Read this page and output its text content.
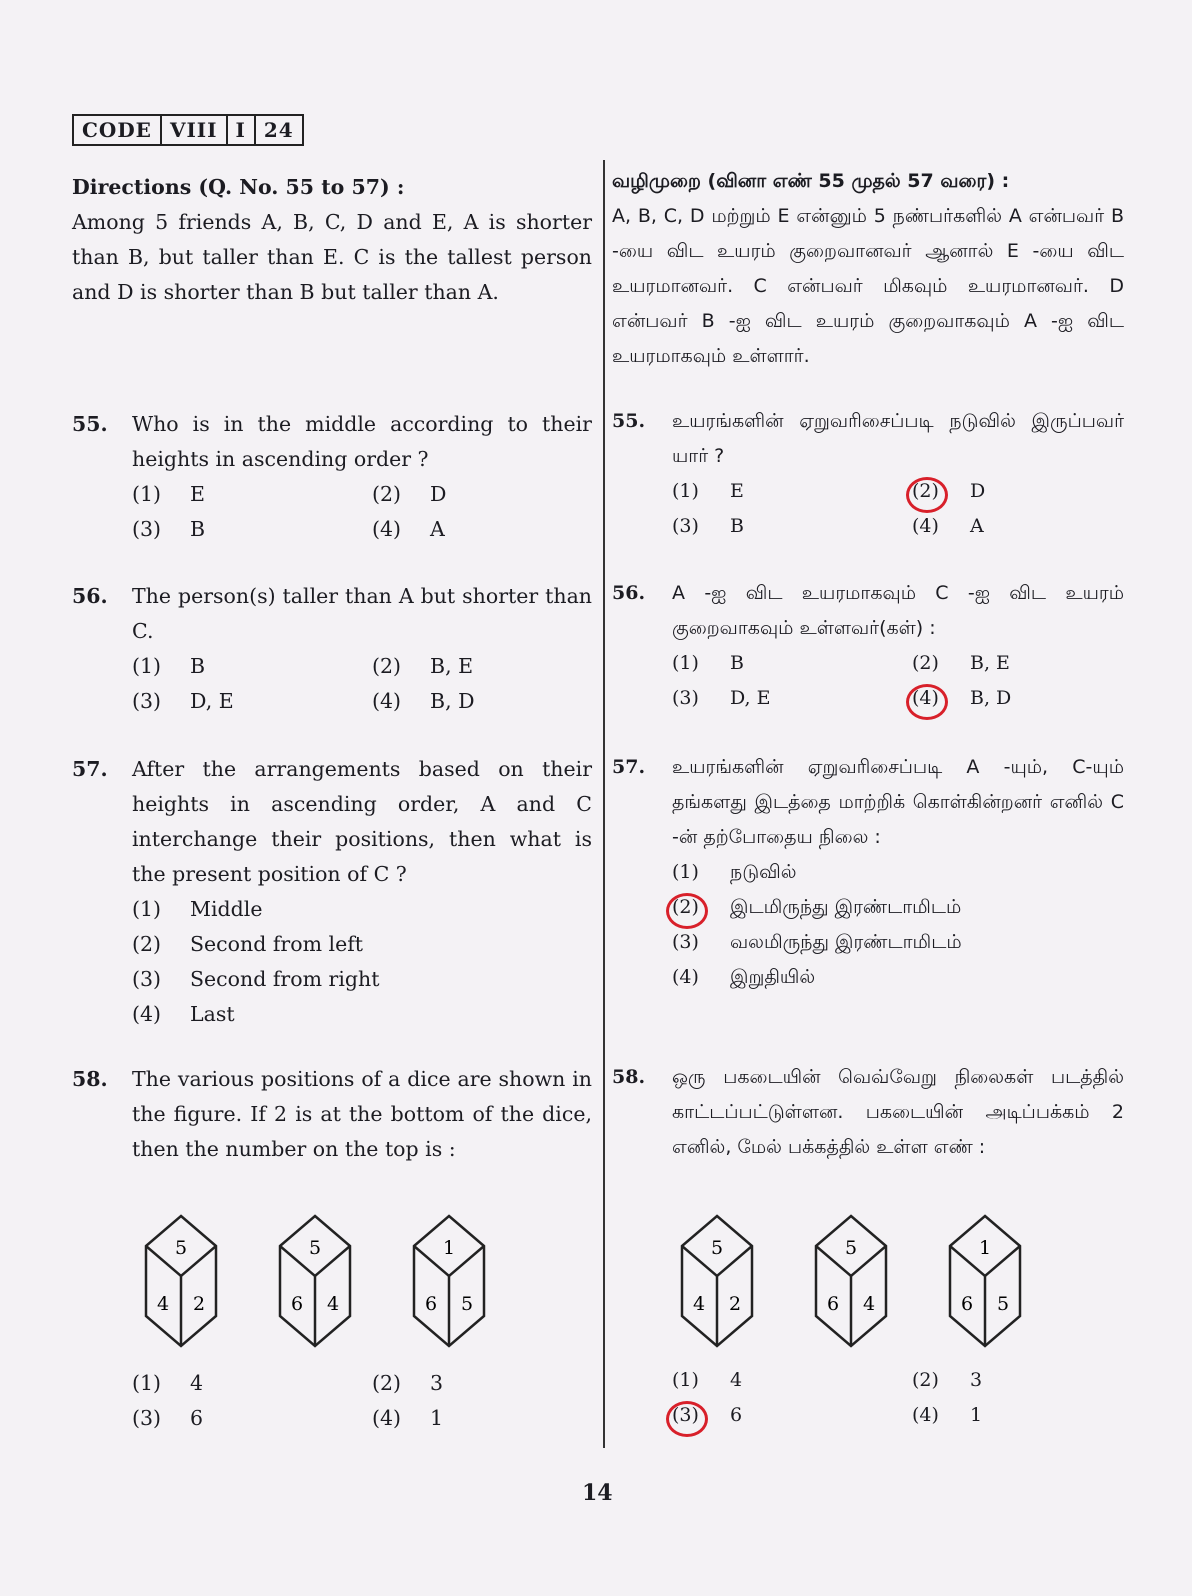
CODE VIII I 24
Directions (Q. No. 55 to 57) :
Among 5 friends A, B, C, D and E, A is shorter than B, but taller than E. C is the tallest person and D is shorter than B but taller than A.
55. Who is in the middle according to their heights in ascending order ?
(1)	E	(2)	D
(3)	B	(4)	A
56. The person(s) taller than A but shorter than C.
(1)	B	(2)	B, E
(3)	D, E	(4)	B, D
57. After the arrangements based on their heights in ascending order, A and C interchange their positions, then what is the present position of C ?
(1)	Middle
(2)	Second from left
(3)	Second from right
(4)	Last
58. The various positions of a dice are shown in the figure. If 2 is at the bottom of the dice, then the number on the top is :
(1)	4	(2)	3
(3)	6	(4)	1
வழிமுறை (வினா எண் 55 முதல் 57 வரை) :
A, B, C, D மற்றும் E என்னும் 5 நண்பர்களில் A என்பவர் B -யை விட உயரம் குறைவானவர் ஆனால் E -யை விட உயரமானவர். C என்பவர் மிகவும் உயரமானவர். D என்பவர் B -ஐ விட உயரம் குறைவாகவும் A -ஐ விட உயரமாகவும் உள்ளார்.
55. உயரங்களின் ஏறுவரிசைப்படி நடுவில் இருப்பவர் யார் ?
(1)	E	(2)	D
(3)	B	(4)	A
56. A -ஐ விட உயரமாகவும் C -ஐ விட உயரம் குறைவாகவும் உள்ளவர்(கள்) :
(1)	B	(2)	B, E
(3)	D, E	(4)	B, D
57. உயரங்களின் ஏறுவரிசைப்படி A -யும், C-யும் தங்களது இடத்தை மாற்றிக் கொள்கின்றனர் எனில் C -ன் தற்போதைய நிலை :
(1)	நடுவில்
(2)	இடமிருந்து இரண்டாமிடம்
(3)	வலமிருந்து இரண்டாமிடம்
(4)	இறுதியில்
58. ஒரு பகடையின் வெவ்வேறு நிலைகள் படத்தில் காட்டப்பட்டுள்ளன. பகடையின் அடிப்பக்கம் 2 எனில், மேல் பக்கத்தில் உள்ள எண் :
(1)	4	(2)	3
(3)	6	(4)	1
5
4 2
5
6 4
1
6 5
5
4 2
5
6 4
1
6 5
14
